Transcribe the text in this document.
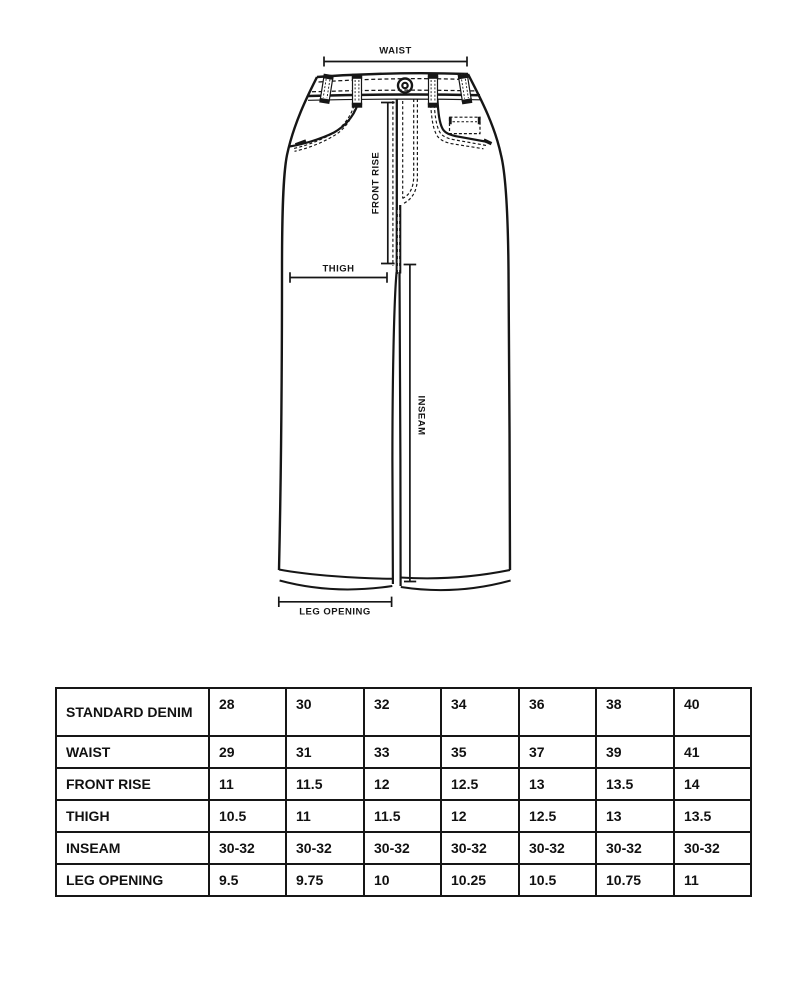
WAIST
FRONT RISE
THIGH
INSEAM
LEG OPENING
STANDARD DENIM	28	30	32	34	36	38	40
WAIST	29	31	33	35	37	39	41
FRONT RISE	11	11.5	12	12.5	13	13.5	14
THIGH	10.5	11	11.5	12	12.5	13	13.5
INSEAM	30-32	30-32	30-32	30-32	30-32	30-32	30-32
LEG OPENING	9.5	9.75	10	10.25	10.5	10.75	11
